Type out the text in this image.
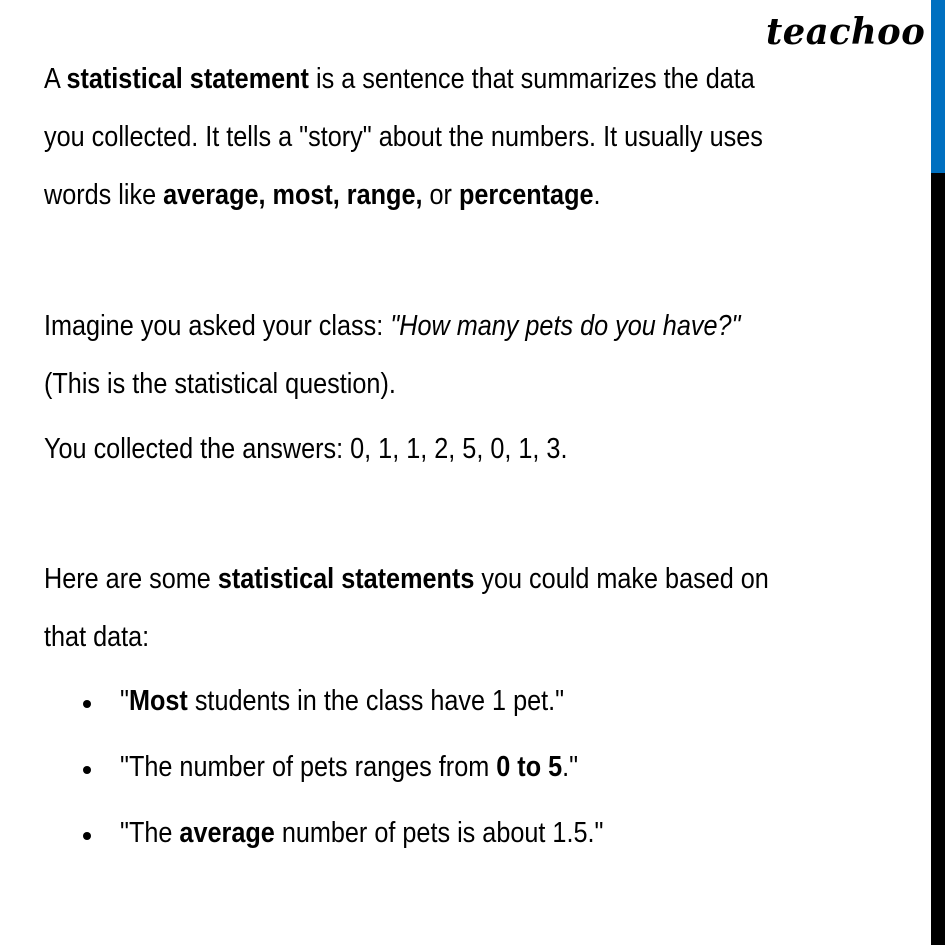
teachoo
A statistical statement is a sentence that summarizes the data
you collected. It tells a "story" about the numbers. It usually uses
words like average, most, range, or percentage.
Imagine you asked your class: "How many pets do you have?"
(This is the statistical question).
You collected the answers: 0, 1, 1, 2, 5, 0, 1, 3.
Here are some statistical statements you could make based on
that data:
"Most students in the class have 1 pet."
"The number of pets ranges from 0 to 5."
"The average number of pets is about 1.5."
